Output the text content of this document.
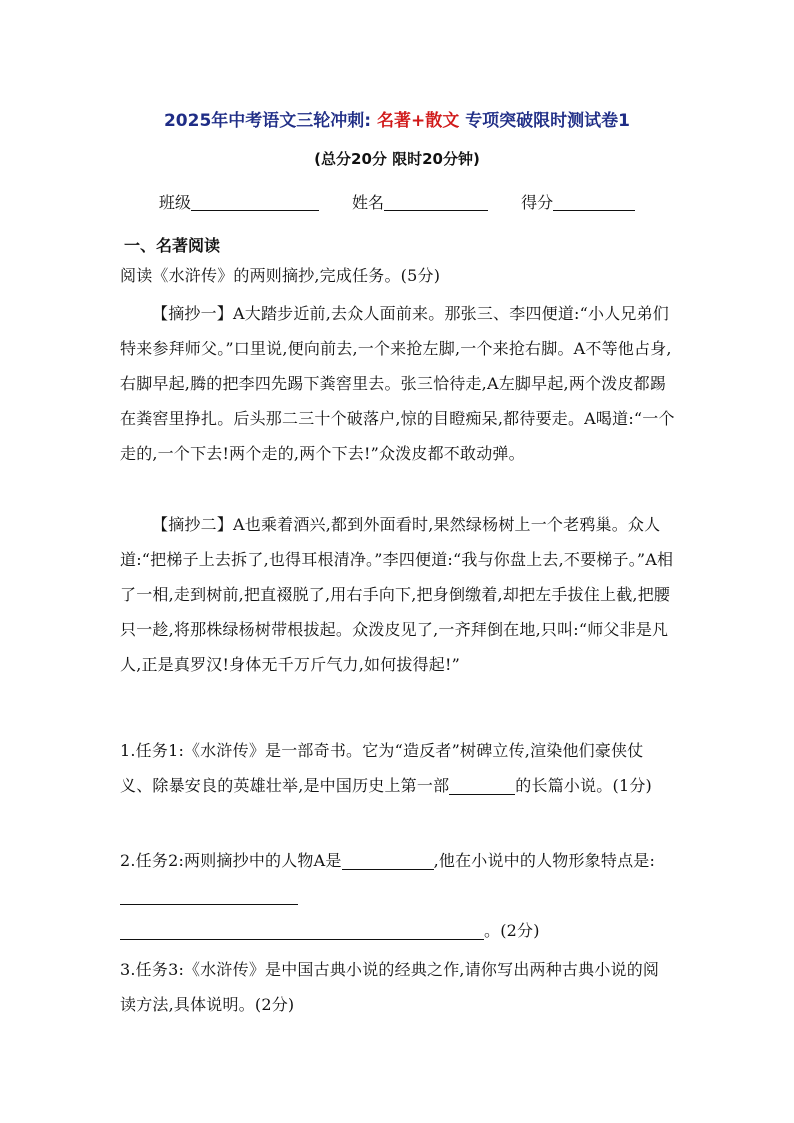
2025年中考语文三轮冲刺: 名著+散文 专项突破限时测试卷1
(总分20分 限时20分钟)
班级	姓名	得分
一、名著阅读
阅读《水浒传》的两则摘抄,完成任务。(5分)
【摘抄一】A大踏步近前,去众人面前来。那张三、李四便道:“小人兄弟们特来参拜师父。”口里说,便向前去,一个来抢左脚,一个来抢右脚。A不等他占身,右脚早起,腾的把李四先踢下粪窖里去。张三恰待走,A左脚早起,两个泼皮都踢在粪窖里挣扎。后头那二三十个破落户,惊的目瞪痴呆,都待要走。A喝道:“一个走的,一个下去!两个走的,两个下去!”众泼皮都不敢动弹。
【摘抄二】A也乘着酒兴,都到外面看时,果然绿杨树上一个老鸦巢。众人道:“把梯子上去拆了,也得耳根清净。”李四便道:“我与你盘上去,不要梯子。”A相了一相,走到树前,把直裰脱了,用右手向下,把身倒缴着,却把左手拔住上截,把腰只一趁,将那株绿杨树带根拔起。众泼皮见了,一齐拜倒在地,只叫:“师父非是凡人,正是真罗汉!身体无千万斤气力,如何拔得起!”
1.任务1:《水浒传》是一部奇书。它为“造反者”树碑立传,渲染他们豪侠仗义、除暴安良的英雄壮举,是中国历史上第一部	的长篇小说。(1分)
2.任务2:两则摘抄中的人物A是	,他在小说中的人物形象特点是:
。(2分)
3.任务3:《水浒传》是中国古典小说的经典之作,请你写出两种古典小说的阅读方法,具体说明。(2分)
